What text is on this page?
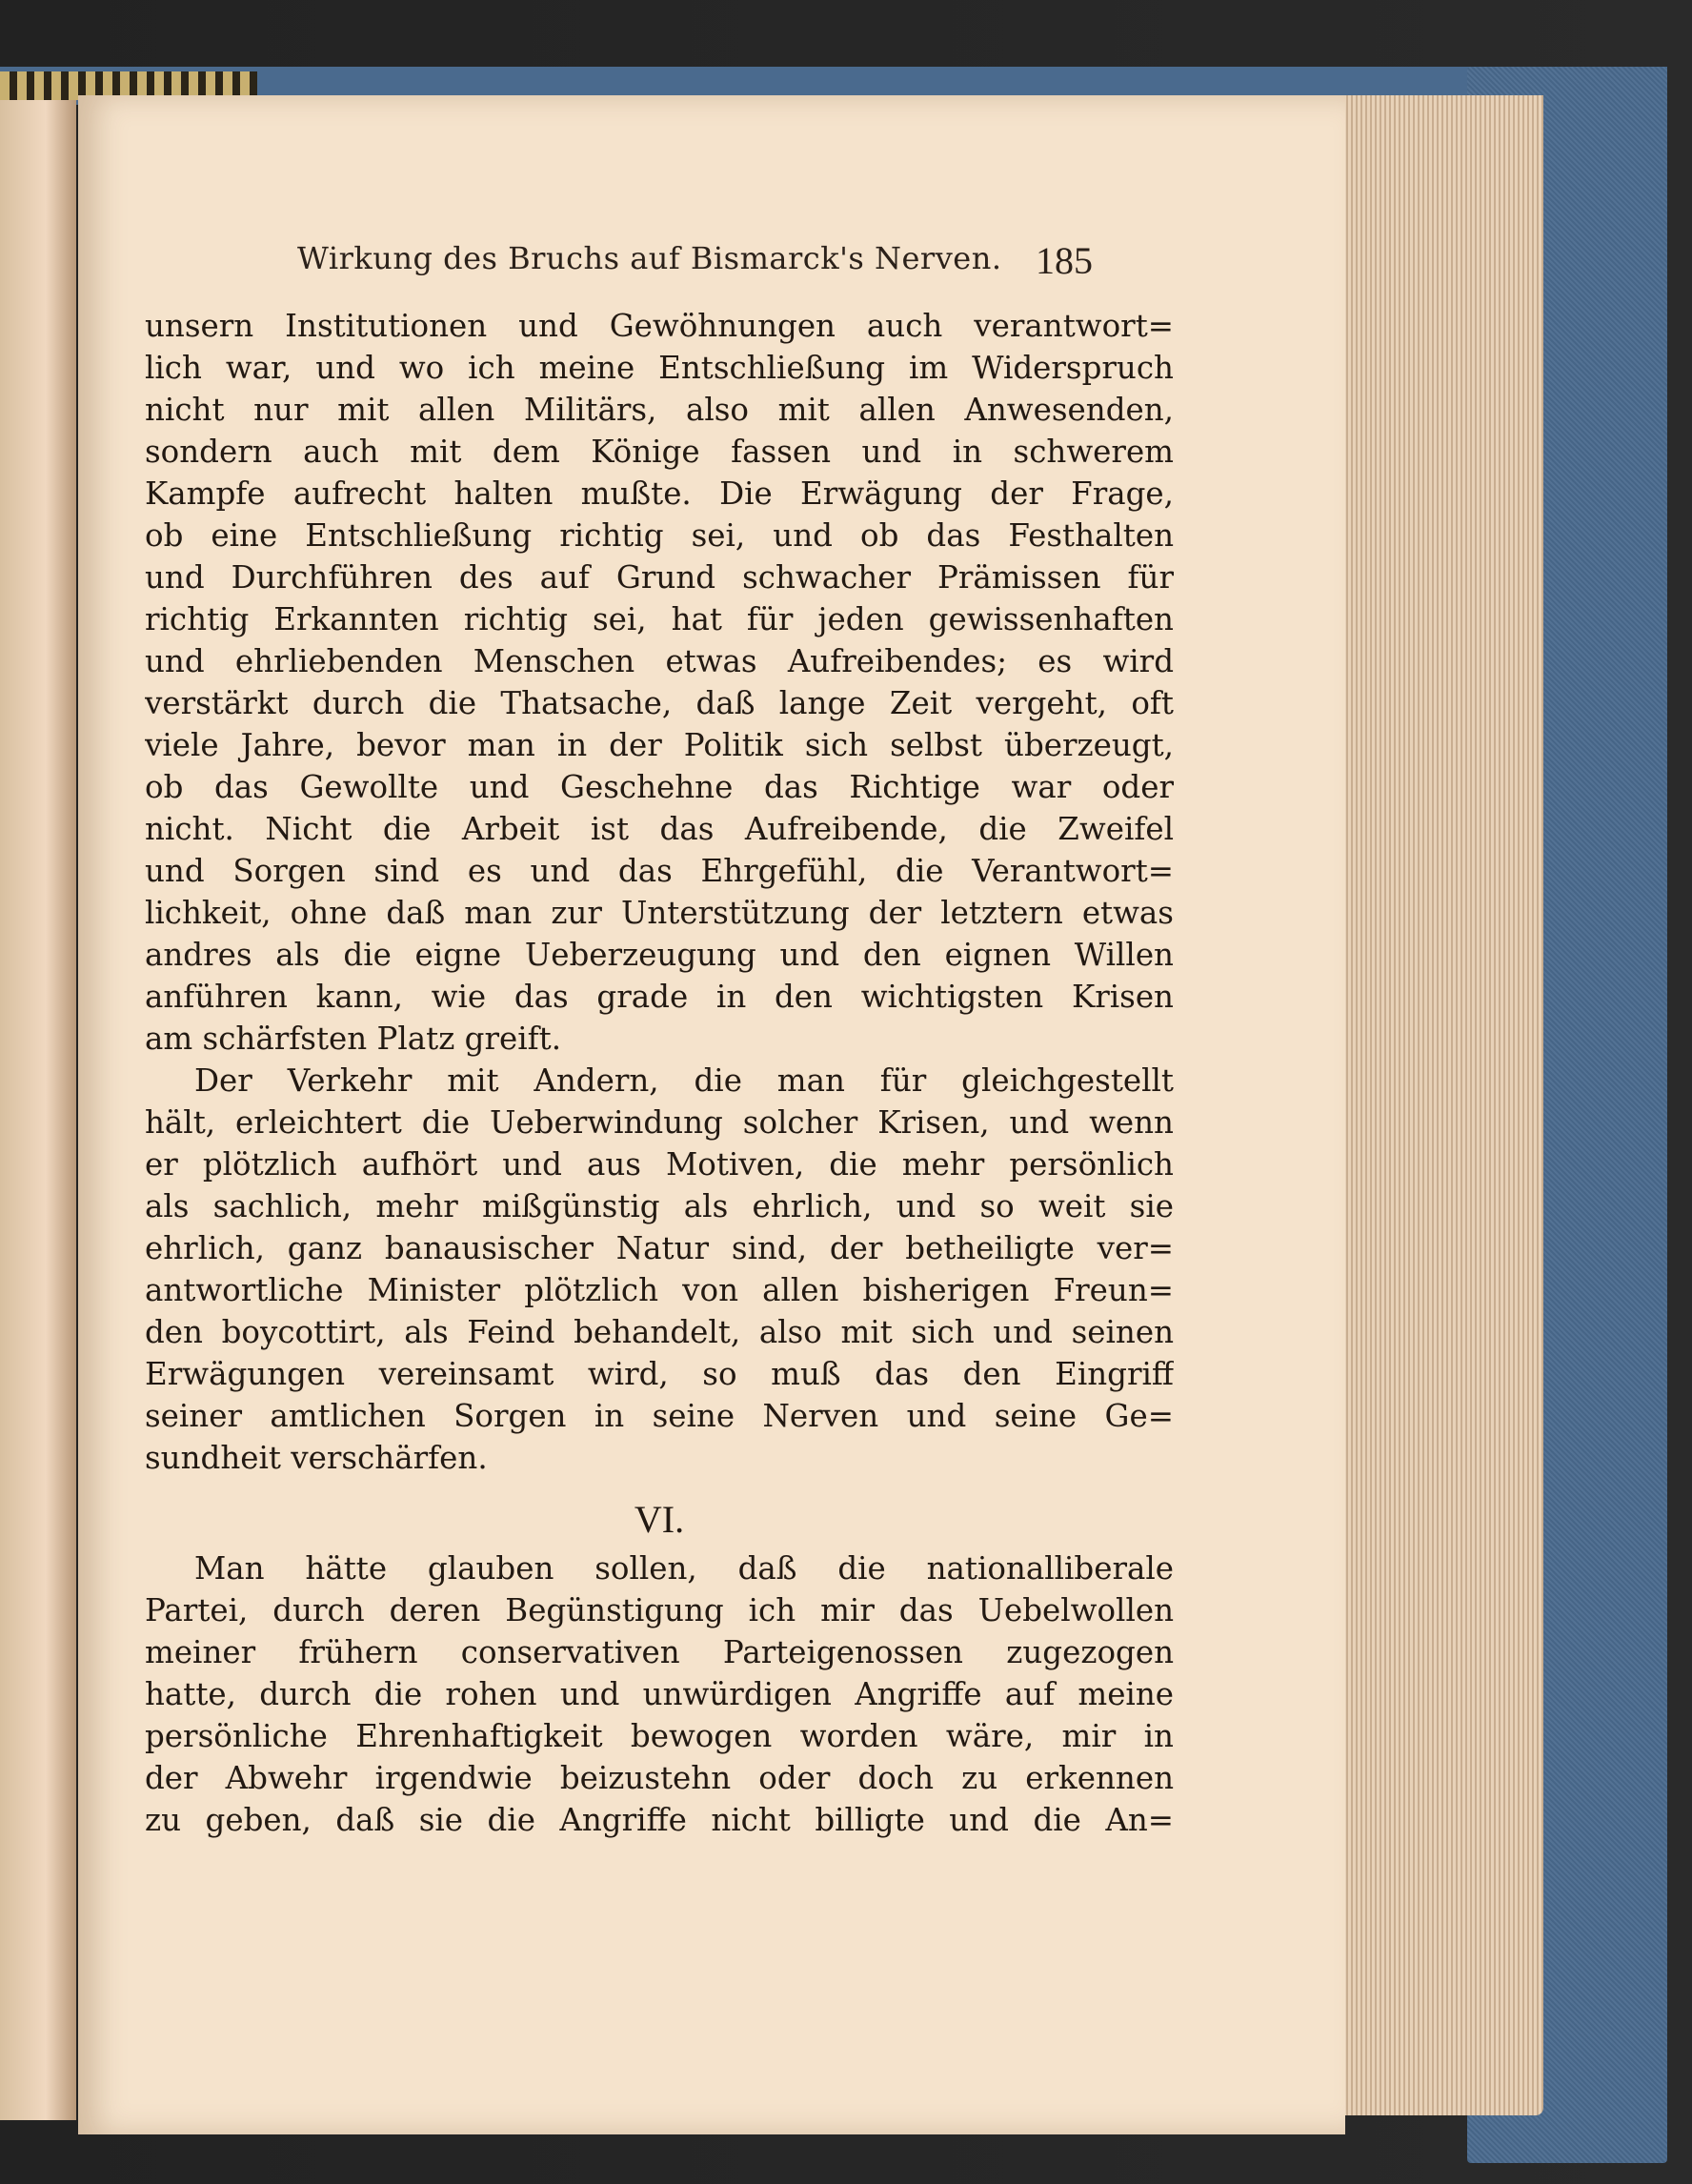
Wirkung des Bruchs auf Bismarck's Nerven. 185
unsern Institutionen und Gewöhnungen auch verantwort=
lich war, und wo ich meine Entschließung im Widerspruch
nicht nur mit allen Militärs, also mit allen Anwesenden,
sondern auch mit dem Könige fassen und in schwerem
Kampfe aufrecht halten mußte. Die Erwägung der Frage,
ob eine Entschließung richtig sei, und ob das Festhalten
und Durchführen des auf Grund schwacher Prämissen für
richtig Erkannten richtig sei, hat für jeden gewissenhaften
und ehrliebenden Menschen etwas Aufreibendes; es wird
verstärkt durch die Thatsache, daß lange Zeit vergeht, oft
viele Jahre, bevor man in der Politik sich selbst überzeugt,
ob das Gewollte und Geschehne das Richtige war oder
nicht. Nicht die Arbeit ist das Aufreibende, die Zweifel
und Sorgen sind es und das Ehrgefühl, die Verantwort=
lichkeit, ohne daß man zur Unterstützung der letztern etwas
andres als die eigne Ueberzeugung und den eignen Willen
anführen kann, wie das grade in den wichtigsten Krisen
am schärfsten Platz greift.
Der Verkehr mit Andern, die man für gleichgestellt
hält, erleichtert die Ueberwindung solcher Krisen, und wenn
er plötzlich aufhört und aus Motiven, die mehr persönlich
als sachlich, mehr mißgünstig als ehrlich, und so weit sie
ehrlich, ganz banausischer Natur sind, der betheiligte ver=
antwortliche Minister plötzlich von allen bisherigen Freun=
den boycottirt, als Feind behandelt, also mit sich und seinen
Erwägungen vereinsamt wird, so muß das den Eingriff
seiner amtlichen Sorgen in seine Nerven und seine Ge=
sundheit verschärfen.
VI.
Man hätte glauben sollen, daß die nationalliberale
Partei, durch deren Begünstigung ich mir das Uebelwollen
meiner frühern conservativen Parteigenossen zugezogen
hatte, durch die rohen und unwürdigen Angriffe auf meine
persönliche Ehrenhaftigkeit bewogen worden wäre, mir in
der Abwehr irgendwie beizustehn oder doch zu erkennen
zu geben, daß sie die Angriffe nicht billigte und die An=
